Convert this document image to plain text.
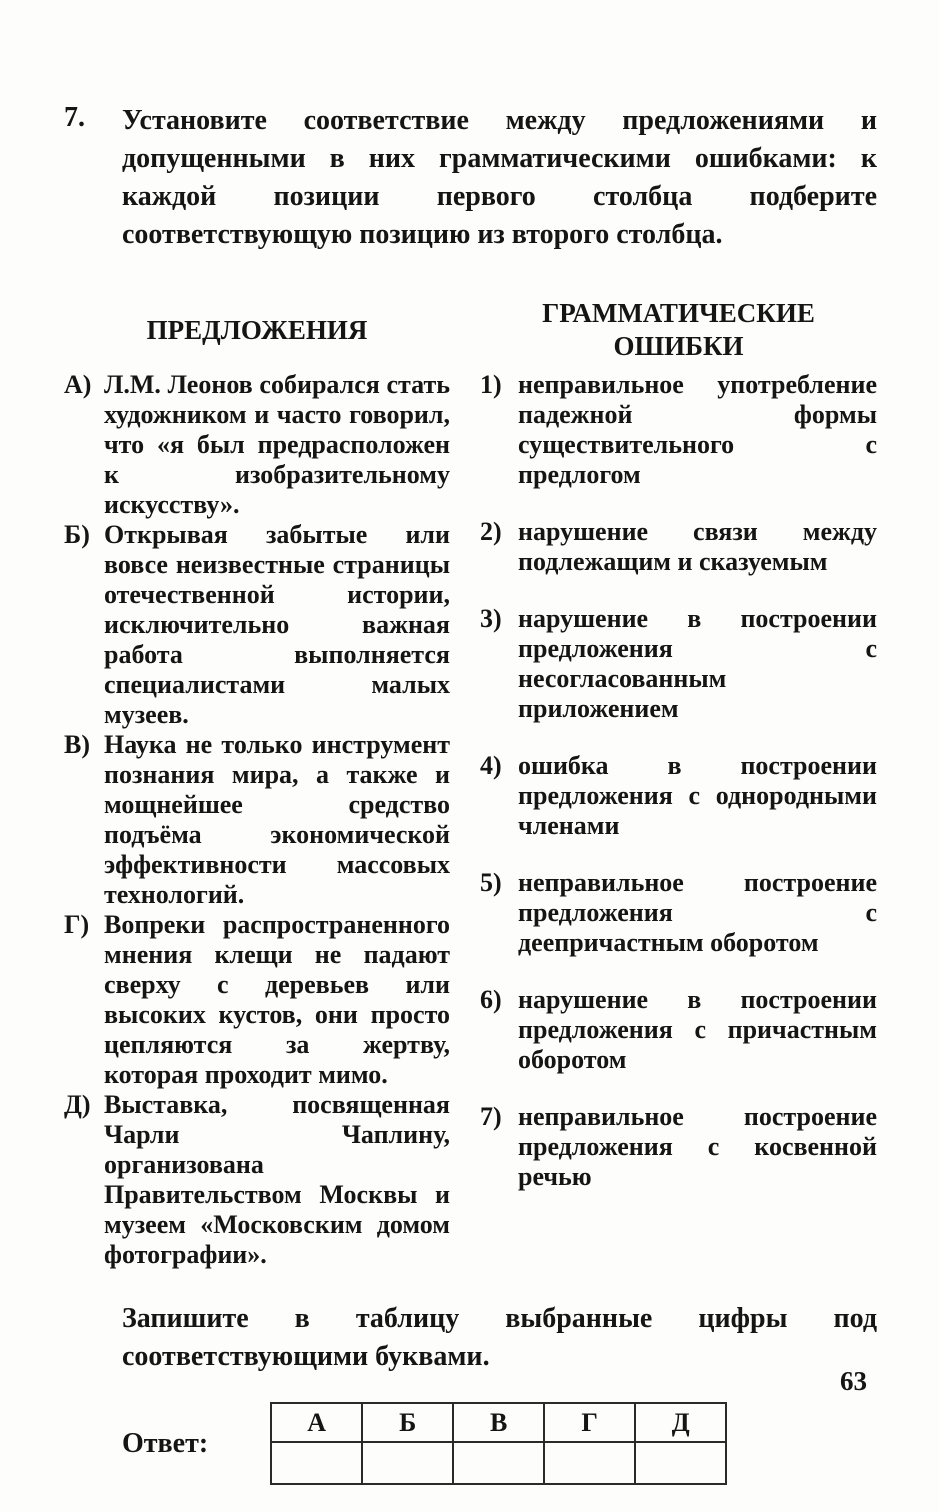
7.	Установите соответствие между предложениями и допущенными в них грамматическими ошибками: к каждой позиции первого столбца подберите соответствующую позицию из второго столбца.

ПРЕДЛОЖЕНИЯ
А) Л.М. Леонов собирался стать художником и часто говорил, что «я был предрасположен к изобразительному искусству».
Б) Открывая забытые или вовсе неизвестные страницы отечественной истории, исключительно важная работа выполняется специалистами малых музеев.
В) Наука не только инструмент познания мира, а также и мощнейшее средство подъёма экономической эффективности массовых технологий.
Г) Вопреки распространенного мнения клещи не падают сверху с деревьев или высоких кустов, они просто цепляются за жертву, которая проходит мимо.
Д) Выставка, посвященная Чарли Чаплину, организована Правительством Москвы и музеем «Московским домом фотографии».
ГРАММАТИЧЕСКИЕ ОШИБКИ
1) неправильное употребление падежной формы существительного с предлогом
2) нарушение связи между подлежащим и сказуемым
3) нарушение в построении предложения с несогласованным приложением
4) ошибка в построении предложения с однородными членами
5) неправильное построение предложения с деепричастным оборотом
6) нарушение в построении предложения с причастным оборотом
7) неправильное построение предложения с косвенной речью

Запишите в таблицу выбранные цифры под соответствующими буквами.

Ответ:
А	Б	В	Г	Д

63
